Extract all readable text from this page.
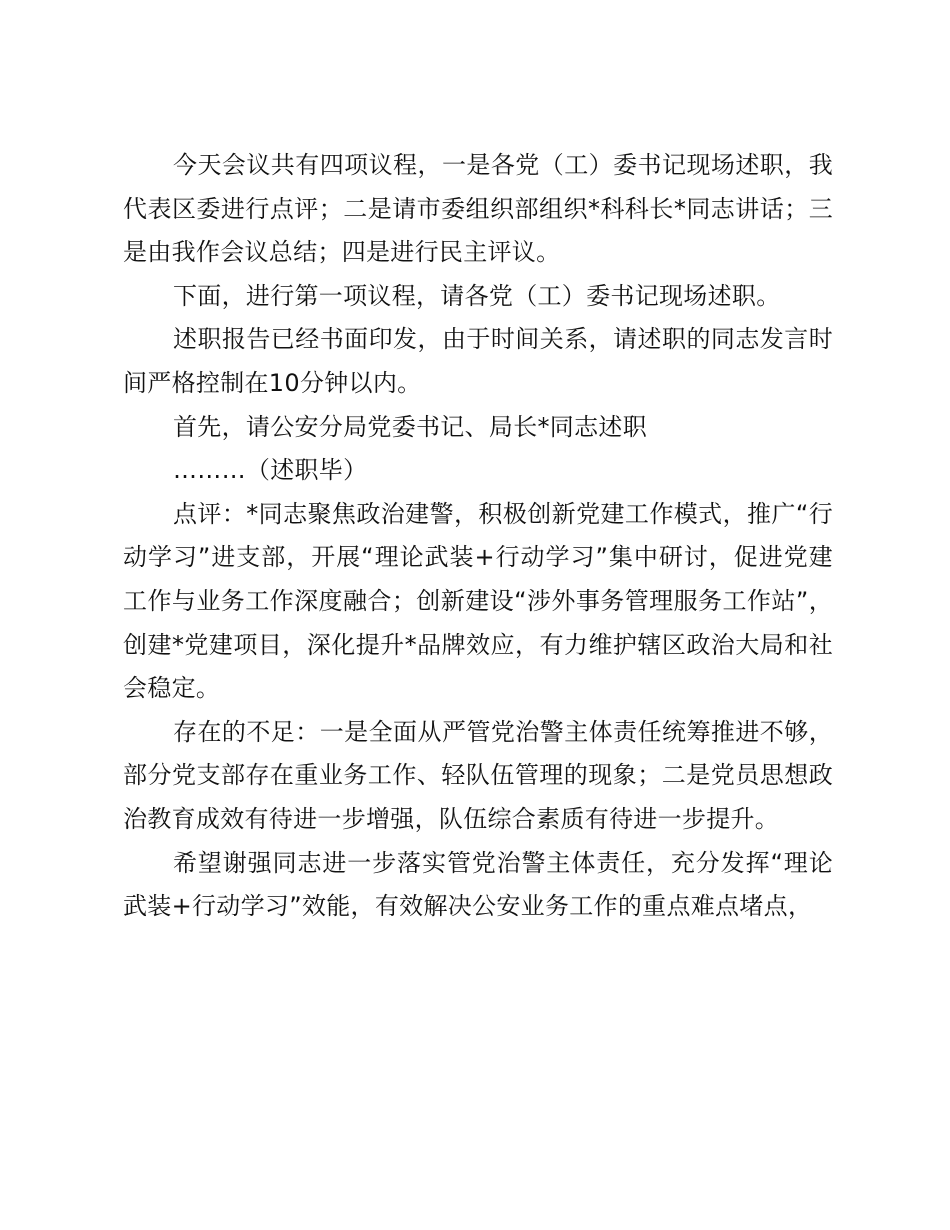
今天会议共有四项议程，一是各党（工）委书记现场述职，我代表区委进行点评；二是请市委组织部组织*科科长*同志讲话；三是由我作会议总结；四是进行民主评议。

下面，进行第一项议程，请各党（工）委书记现场述职。

述职报告已经书面印发，由于时间关系，请述职的同志发言时间严格控制在10分钟以内。

首先，请公安分局党委书记、局长*同志述职

………（述职毕）

点评：*同志聚焦政治建警，积极创新党建工作模式，推广“行动学习”进支部，开展“理论武装+行动学习”集中研讨，促进党建工作与业务工作深度融合；创新建设“涉外事务管理服务工作站”，创建*党建项目，深化提升*品牌效应，有力维护辖区政治大局和社会稳定。

存在的不足：一是全面从严管党治警主体责任统筹推进不够，部分党支部存在重业务工作、轻队伍管理的现象；二是党员思想政治教育成效有待进一步增强，队伍综合素质有待进一步提升。

希望谢强同志进一步落实管党治警主体责任，充分发挥“理论武装+行动学习”效能，有效解决公安业务工作的重点难点堵点，
